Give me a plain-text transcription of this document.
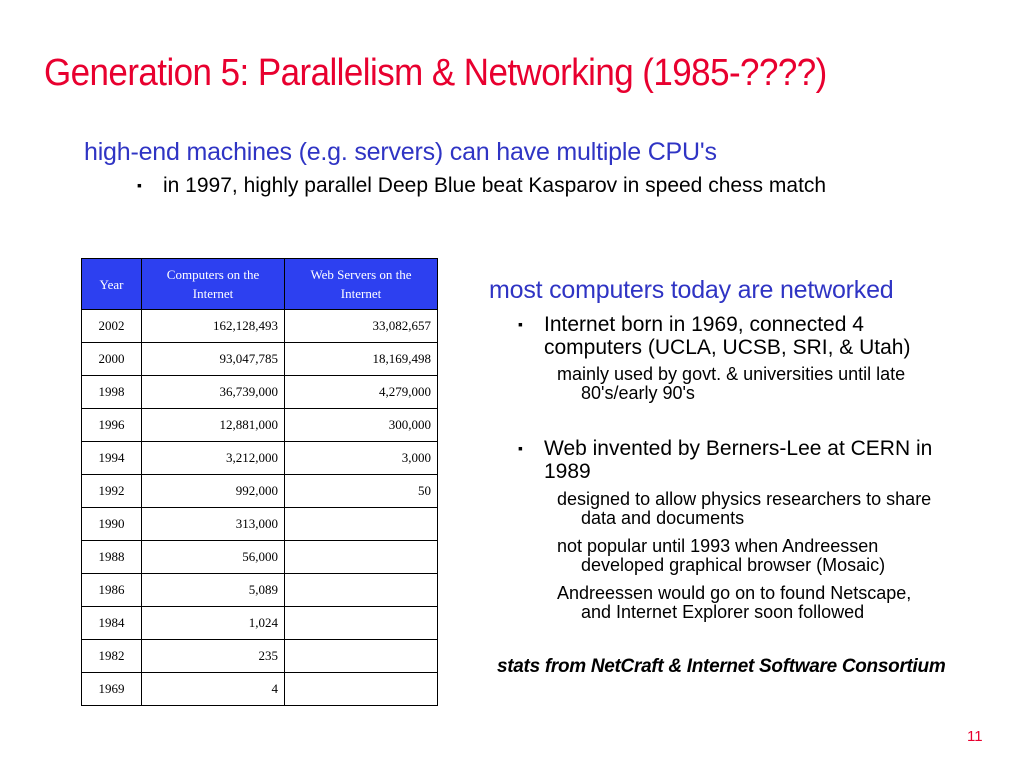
Generation 5: Parallelism & Networking (1985-????)
high-end machines (e.g. servers) can have multiple CPU's
▪ in 1997, highly parallel Deep Blue beat Kasparov in speed chess match
Year	Computers on the Internet	Web Servers on the Internet
2002	162,128,493	33,082,657
2000	93,047,785	18,169,498
1998	36,739,000	4,279,000
1996	12,881,000	300,000
1994	3,212,000	3,000
1992	992,000	50
1990	313,000	
1988	56,000	
1986	5,089	
1984	1,024	
1982	235	
1969	4	
most computers today are networked
▪ Internet born in 1969, connected 4
computers (UCLA, UCSB, SRI, & Utah)
mainly used by govt. & universities until late
80's/early 90's
▪ Web invented by Berners-Lee at CERN in
1989
designed to allow physics researchers to share
data and documents
not popular until 1993 when Andreessen
developed graphical browser (Mosaic)
Andreessen would go on to found Netscape,
and Internet Explorer soon followed
stats from NetCraft & Internet Software Consortium
11
